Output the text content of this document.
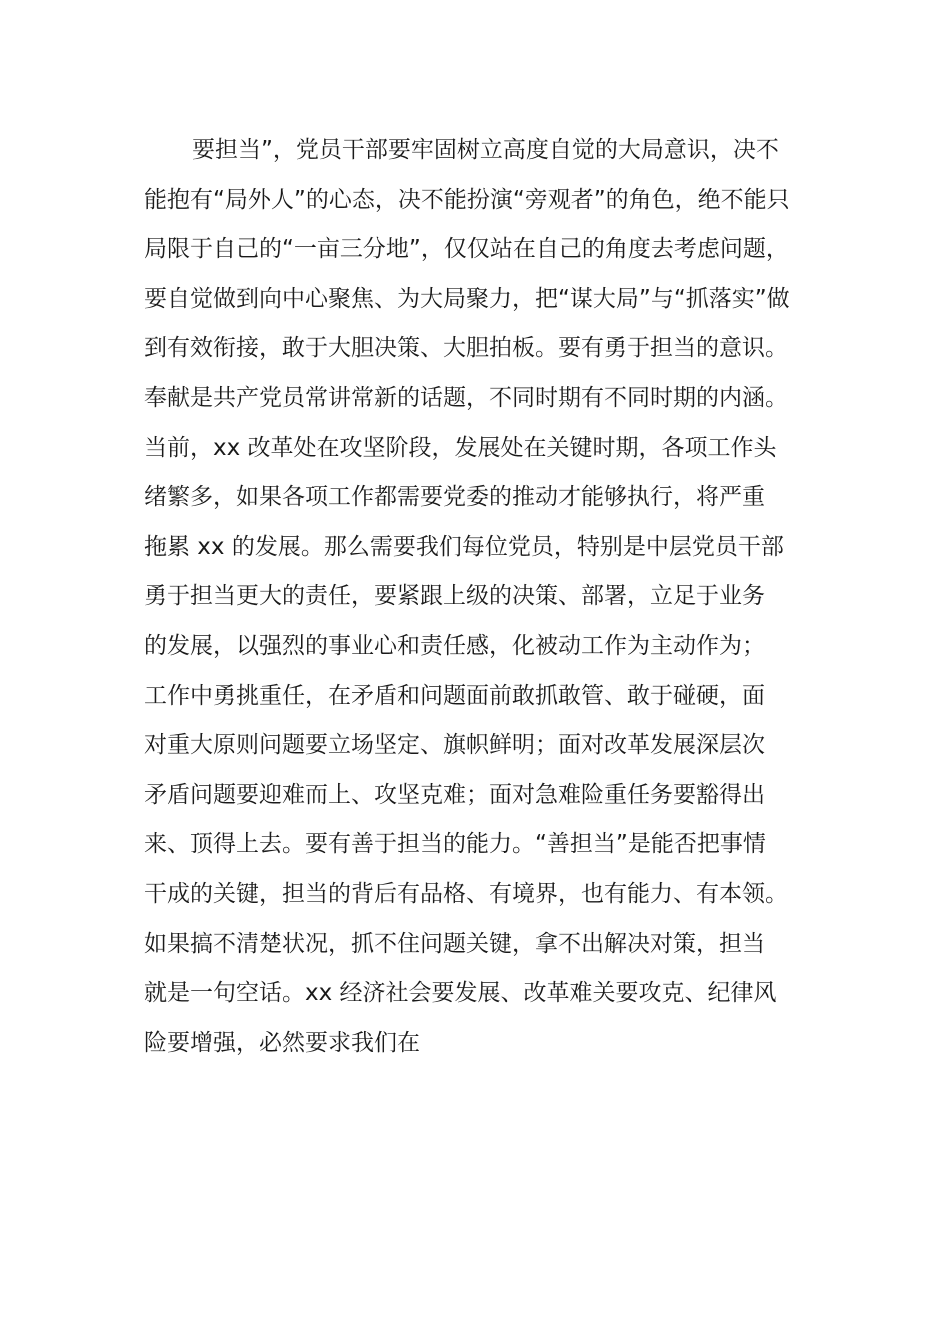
要担当”，党员干部要牢固树立高度自觉的大局意识，决不
能抱有“局外人”的心态，决不能扮演“旁观者”的角色，绝不能只
局限于自己的“一亩三分地”，仅仅站在自己的角度去考虑问题，
要自觉做到向中心聚焦、为大局聚力，把“谋大局”与“抓落实”做
到有效衔接，敢于大胆决策、大胆拍板。要有勇于担当的意识。
奉献是共产党员常讲常新的话题，不同时期有不同时期的内涵。
当前，xx 改革处在攻坚阶段，发展处在关键时期，各项工作头
绪繁多，如果各项工作都需要党委的推动才能够执行，将严重
拖累 xx 的发展。那么需要我们每位党员，特别是中层党员干部
勇于担当更大的责任，要紧跟上级的决策、部署，立足于业务
的发展，以强烈的事业心和责任感，化被动工作为主动作为；
工作中勇挑重任，在矛盾和问题面前敢抓敢管、敢于碰硬，面
对重大原则问题要立场坚定、旗帜鲜明；面对改革发展深层次
矛盾问题要迎难而上、攻坚克难；面对急难险重任务要豁得出
来、顶得上去。要有善于担当的能力。“善担当”是能否把事情
干成的关键，担当的背后有品格、有境界，也有能力、有本领。
如果搞不清楚状况，抓不住问题关键，拿不出解决对策，担当
就是一句空话。xx 经济社会要发展、改革难关要攻克、纪律风
险要增强，必然要求我们在
